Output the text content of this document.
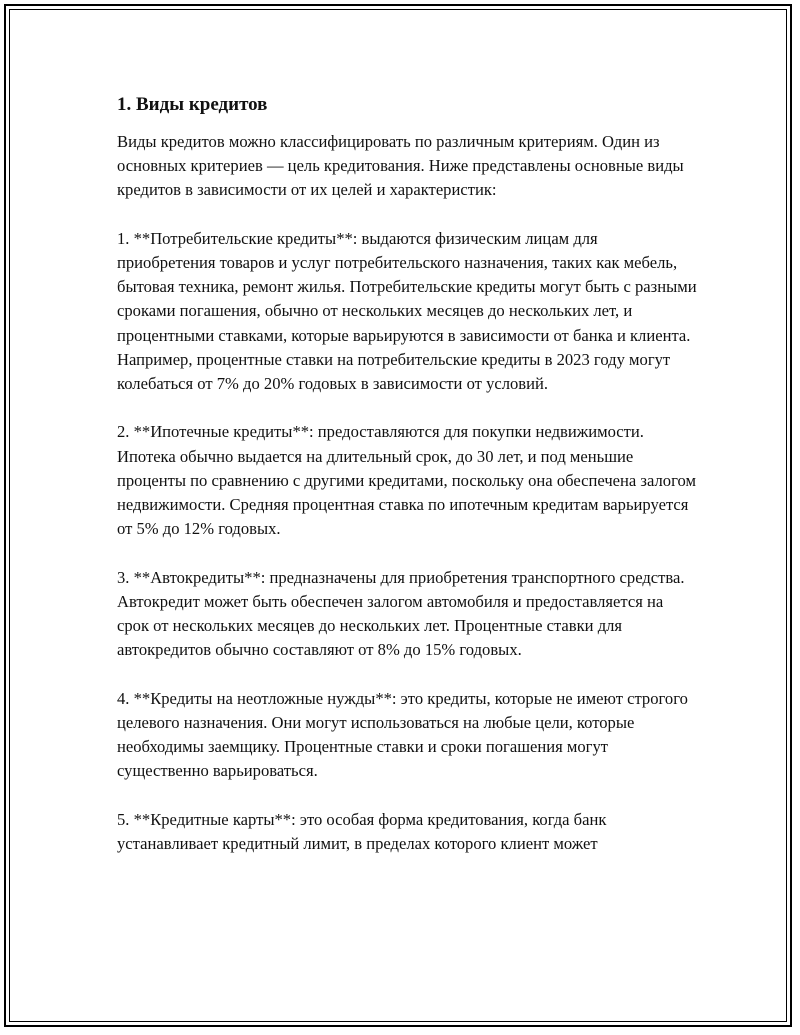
1. Виды кредитов

Виды кредитов можно классифицировать по различным критериям. Один из основных критериев — цель кредитования. Ниже представлены основные виды кредитов в зависимости от их целей и характеристик:

1. **Потребительские кредиты**: выдаются физическим лицам для приобретения товаров и услуг потребительского назначения, таких как мебель, бытовая техника, ремонт жилья. Потребительские кредиты могут быть с разными сроками погашения, обычно от нескольких месяцев до нескольких лет, и процентными ставками, которые варьируются в зависимости от банка и клиента. Например, процентные ставки на потребительские кредиты в 2023 году могут колебаться от 7% до 20% годовых в зависимости от условий.

2. **Ипотечные кредиты**: предоставляются для покупки недвижимости. Ипотека обычно выдается на длительный срок, до 30 лет, и под меньшие проценты по сравнению с другими кредитами, поскольку она обеспечена залогом недвижимости. Средняя процентная ставка по ипотечным кредитам варьируется от 5% до 12% годовых.

3. **Автокредиты**: предназначены для приобретения транспортного средства. Автокредит может быть обеспечен залогом автомобиля и предоставляется на срок от нескольких месяцев до нескольких лет. Процентные ставки для автокредитов обычно составляют от 8% до 15% годовых.

4. **Кредиты на неотложные нужды**: это кредиты, которые не имеют строгого целевого назначения. Они могут использоваться на любые цели, которые необходимы заемщику. Процентные ставки и сроки погашения могут существенно варьироваться.

5. **Кредитные карты**: это особая форма кредитования, когда банк устанавливает кредитный лимит, в пределах которого клиент может
